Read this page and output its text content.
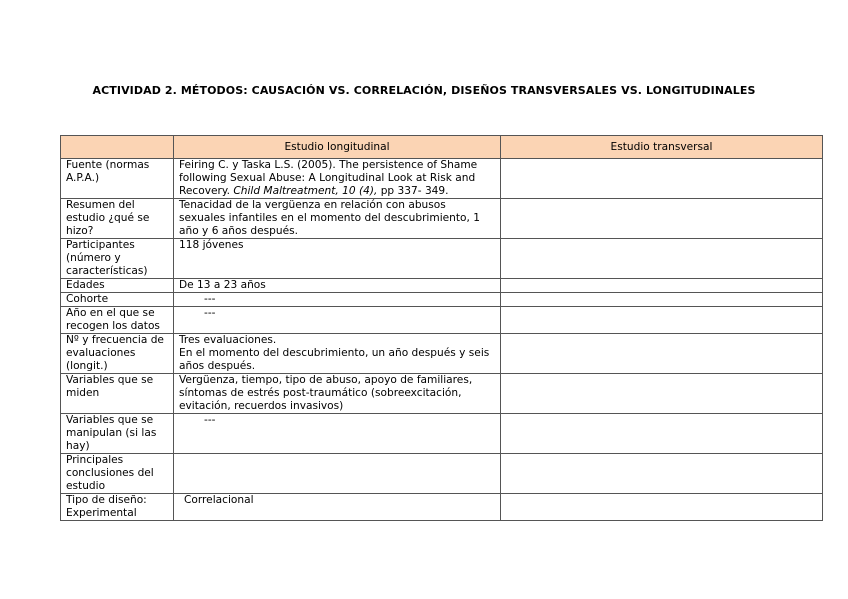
ACTIVIDAD 2. MÉTODOS: CAUSACIÓN VS. CORRELACIÓN, DISEÑOS TRANSVERSALES VS. LONGITUDINALES
	Estudio longitudinal	Estudio transversal
Fuente (normas A.P.A.)	Feiring C. y Taska L.S. (2005). The persistence of Shame following Sexual Abuse: A Longitudinal Look at Risk and Recovery. Child Maltreatment, 10 (4), pp 337- 349.	
Resumen del estudio ¿qué se hizo?	Tenacidad de la vergüenza en relación con abusos sexuales infantiles en el momento del descubrimiento, 1 año y 6 años después.	
Participantes (número y características)	118 jóvenes	
Edades	De 13 a 23 años	
Cohorte	---	
Año en el que se recogen los datos	---	
Nº y frecuencia de evaluaciones (longit.)	Tres evaluaciones.
En el momento del descubrimiento, un año después y seis años después.	
Variables que se miden	Vergüenza, tiempo, tipo de abuso, apoyo de familiares, síntomas de estrés post-traumático (sobreexcitación, evitación, recuerdos invasivos)	
Variables que se manipulan (si las hay)	---	
Principales conclusiones del estudio		
Tipo de diseño: Experimental	Correlacional	
